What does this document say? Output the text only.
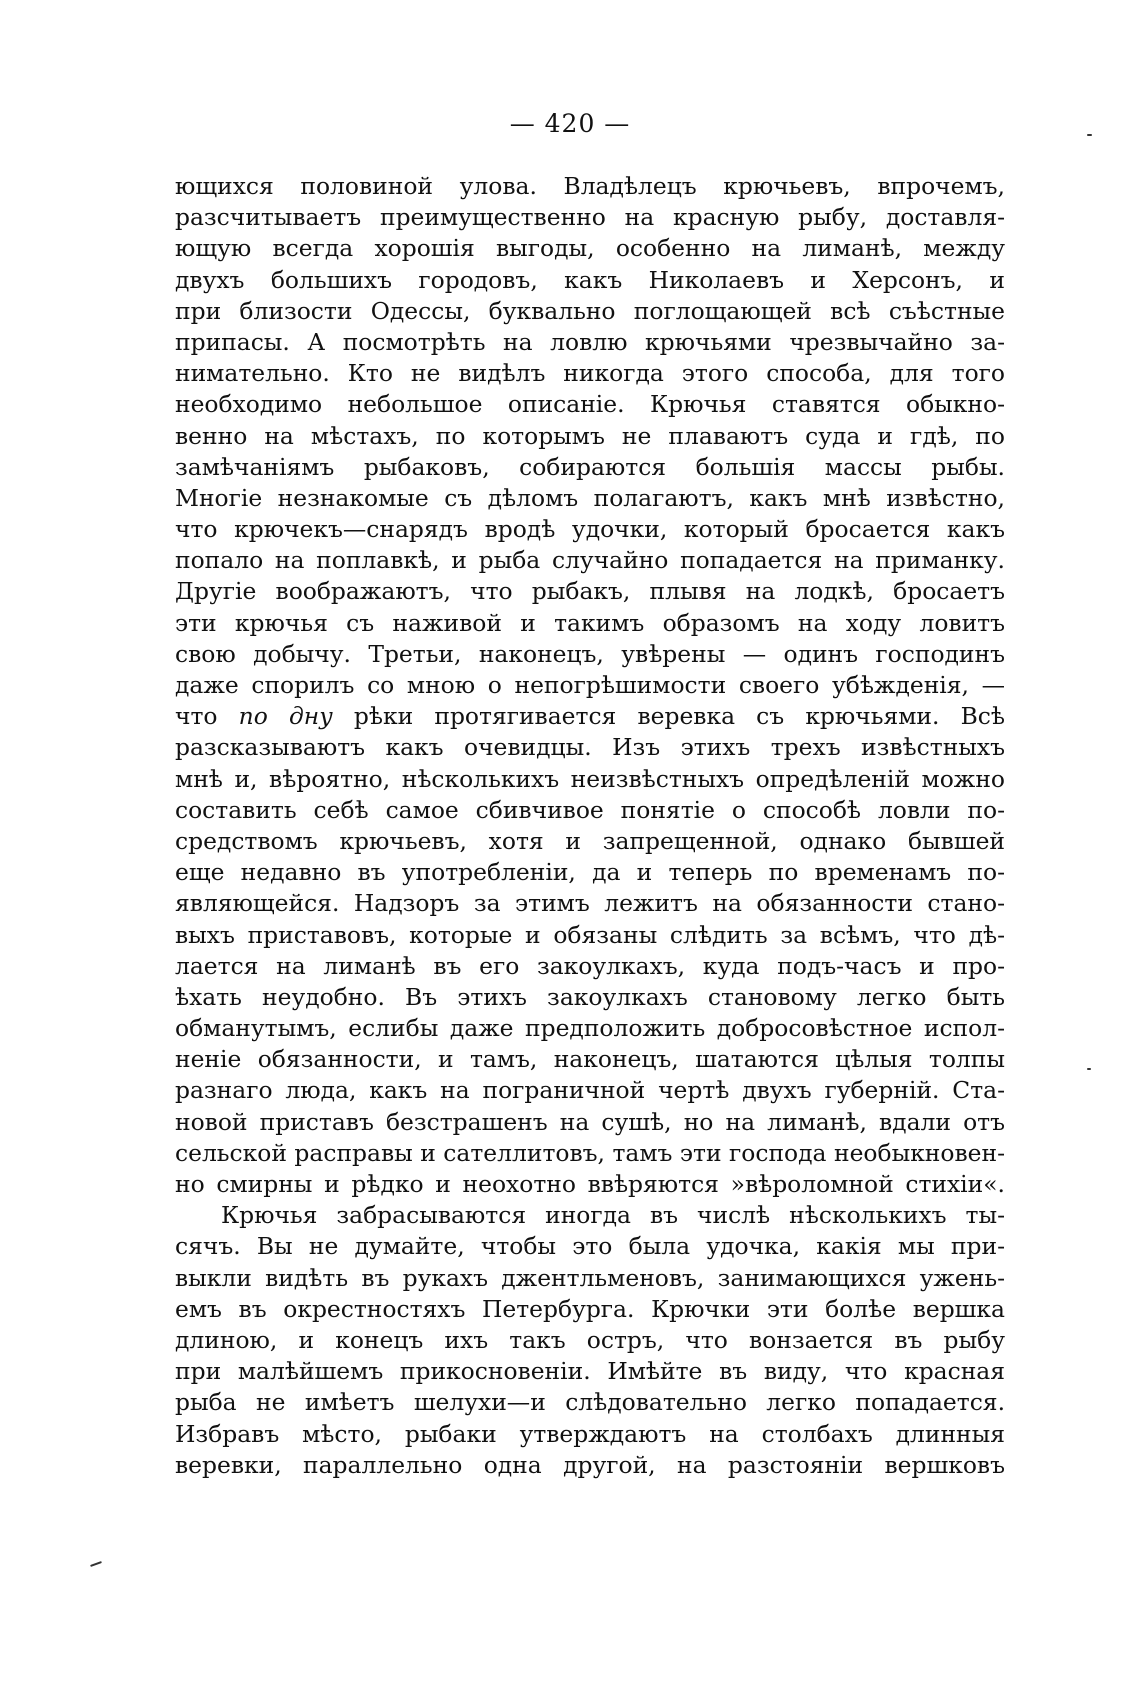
— 420 —
ющихся половиной улова. Владѣлецъ крючьевъ, впрочемъ,
разсчитываетъ преимущественно на красную рыбу, доставля-
ющую всегда хорошія выгоды, особенно на лиманѣ, между
двухъ большихъ городовъ, какъ Николаевъ и Херсонъ, и
при близости Одессы, буквально поглощающей всѣ съѣстные
припасы. А посмотрѣть на ловлю крючьями чрезвычайно за-
нимательно. Кто не видѣлъ никогда этого способа, для того
необходимо небольшое описаніе. Крючья ставятся обыкно-
венно на мѣстахъ, по которымъ не плаваютъ суда и гдѣ, по
замѣчаніямъ рыбаковъ, собираются большія массы рыбы.
Многіе незнакомые съ дѣломъ полагаютъ, какъ мнѣ извѣстно,
что крючекъ—снарядъ вродѣ удочки, который бросается какъ
попало на поплавкѣ, и рыба случайно попадается на приманку.
Другіе воображаютъ, что рыбакъ, плывя на лодкѣ, бросаетъ
эти крючья съ наживой и такимъ образомъ на ходу ловитъ
свою добычу. Третьи, наконецъ, увѣрены — одинъ господинъ
даже спорилъ со мною о непогрѣшимости своего убѣжденія, —
что по дну рѣки протягивается веревка съ крючьями. Всѣ
разсказываютъ какъ очевидцы. Изъ этихъ трехъ извѣстныхъ
мнѣ и, вѣроятно, нѣсколькихъ неизвѣстныхъ опредѣленій можно
составить себѣ самое сбивчивое понятіе о способѣ ловли по-
средствомъ крючьевъ, хотя и запрещенной, однако бывшей
еще недавно въ употребленіи, да и теперь по временамъ по-
являющейся. Надзоръ за этимъ лежитъ на обязанности стано-
выхъ приставовъ, которые и обязаны слѣдить за всѣмъ, что дѣ-
лается на лиманѣ въ его закоулкахъ, куда подъ-часъ и про-
ѣхать неудобно. Въ этихъ закоулкахъ становому легко быть
обманутымъ, еслибы даже предположить добросовѣстное испол-
неніе обязанности, и тамъ, наконецъ, шатаются цѣлыя толпы
разнаго люда, какъ на пограничной чертѣ двухъ губерній. Ста-
новой приставъ безстрашенъ на сушѣ, но на лиманѣ, вдали отъ
сельской расправы и сателлитовъ, тамъ эти господа необыкновен-
но смирны и рѣдко и неохотно ввѣряются »вѣроломной стихіи«.
Крючья забрасываются иногда въ числѣ нѣсколькихъ ты-
сячъ. Вы не думайте, чтобы это была удочка, какія мы при-
выкли видѣть въ рукахъ джентльменовъ, занимающихся ужень-
емъ въ окрестностяхъ Петербурга. Крючки эти болѣе вершка
длиною, и конецъ ихъ такъ остръ, что вонзается въ рыбу
при малѣйшемъ прикосновеніи. Имѣйте въ виду, что красная
рыба не имѣетъ шелухи—и слѣдовательно легко попадается.
Избравъ мѣсто, рыбаки утверждаютъ на столбахъ длинныя
веревки, параллельно одна другой, на разстояніи вершковъ
